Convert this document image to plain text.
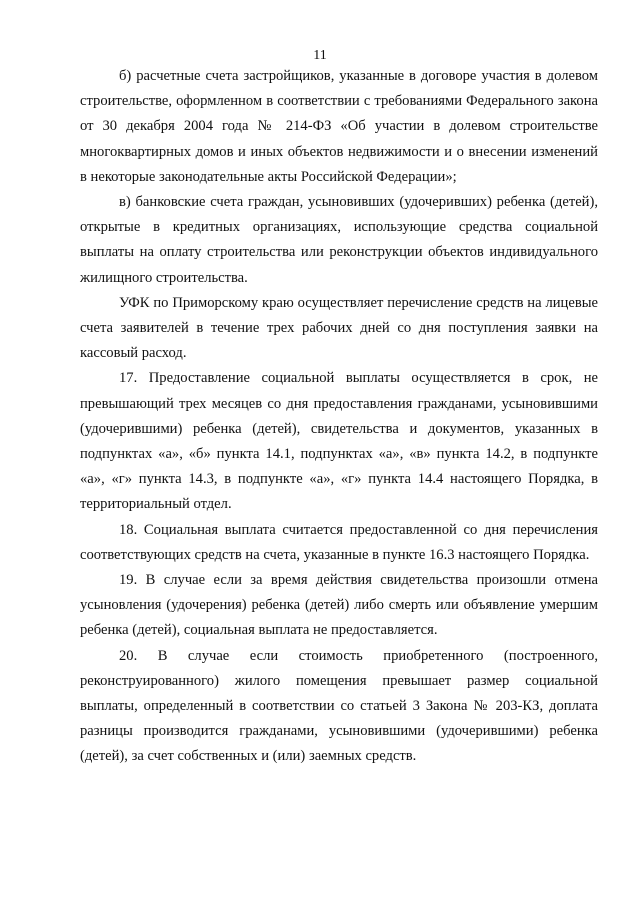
11

б) расчетные счета застройщиков, указанные в договоре участия в долевом строительстве, оформленном в соответствии с требованиями Федерального закона от 30 декабря 2004 года № 214-ФЗ «Об участии в долевом строительстве многоквартирных домов и иных объектов недвижимости и о внесении изменений в некоторые законодательные акты Российской Федерации»;

в) банковские счета граждан, усыновивших (удочеривших) ребенка (детей), открытые в кредитных организациях, использующие средства социальной выплаты на оплату строительства или реконструкции объектов индивидуального жилищного строительства.

УФК по Приморскому краю осуществляет перечисление средств на лицевые счета заявителей в течение трех рабочих дней со дня поступления заявки на кассовый расход.

17. Предоставление социальной выплаты осуществляется в срок, не превышающий трех месяцев со дня предоставления гражданами, усыновившими (удочерившими) ребенка (детей), свидетельства и документов, указанных в подпунктах «а», «б» пункта 14.1, подпунктах «а», «в» пункта 14.2, в подпункте «а», «г» пункта 14.3, в подпункте «а», «г» пункта 14.4 настоящего Порядка, в территориальный отдел.

18. Социальная выплата считается предоставленной со дня перечисления соответствующих средств на счета, указанные в пункте 16.3 настоящего Порядка.

19. В случае если за время действия свидетельства произошли отмена усыновления (удочерения) ребенка (детей) либо смерть или объявление умершим ребенка (детей), социальная выплата не предоставляется.

20. В случае если стоимость приобретенного (построенного, реконструированного) жилого помещения превышает размер социальной выплаты, определенный в соответствии со статьей 3 Закона № 203-КЗ, доплата разницы производится гражданами, усыновившими (удочерившими) ребенка (детей), за счет собственных и (или) заемных средств.
